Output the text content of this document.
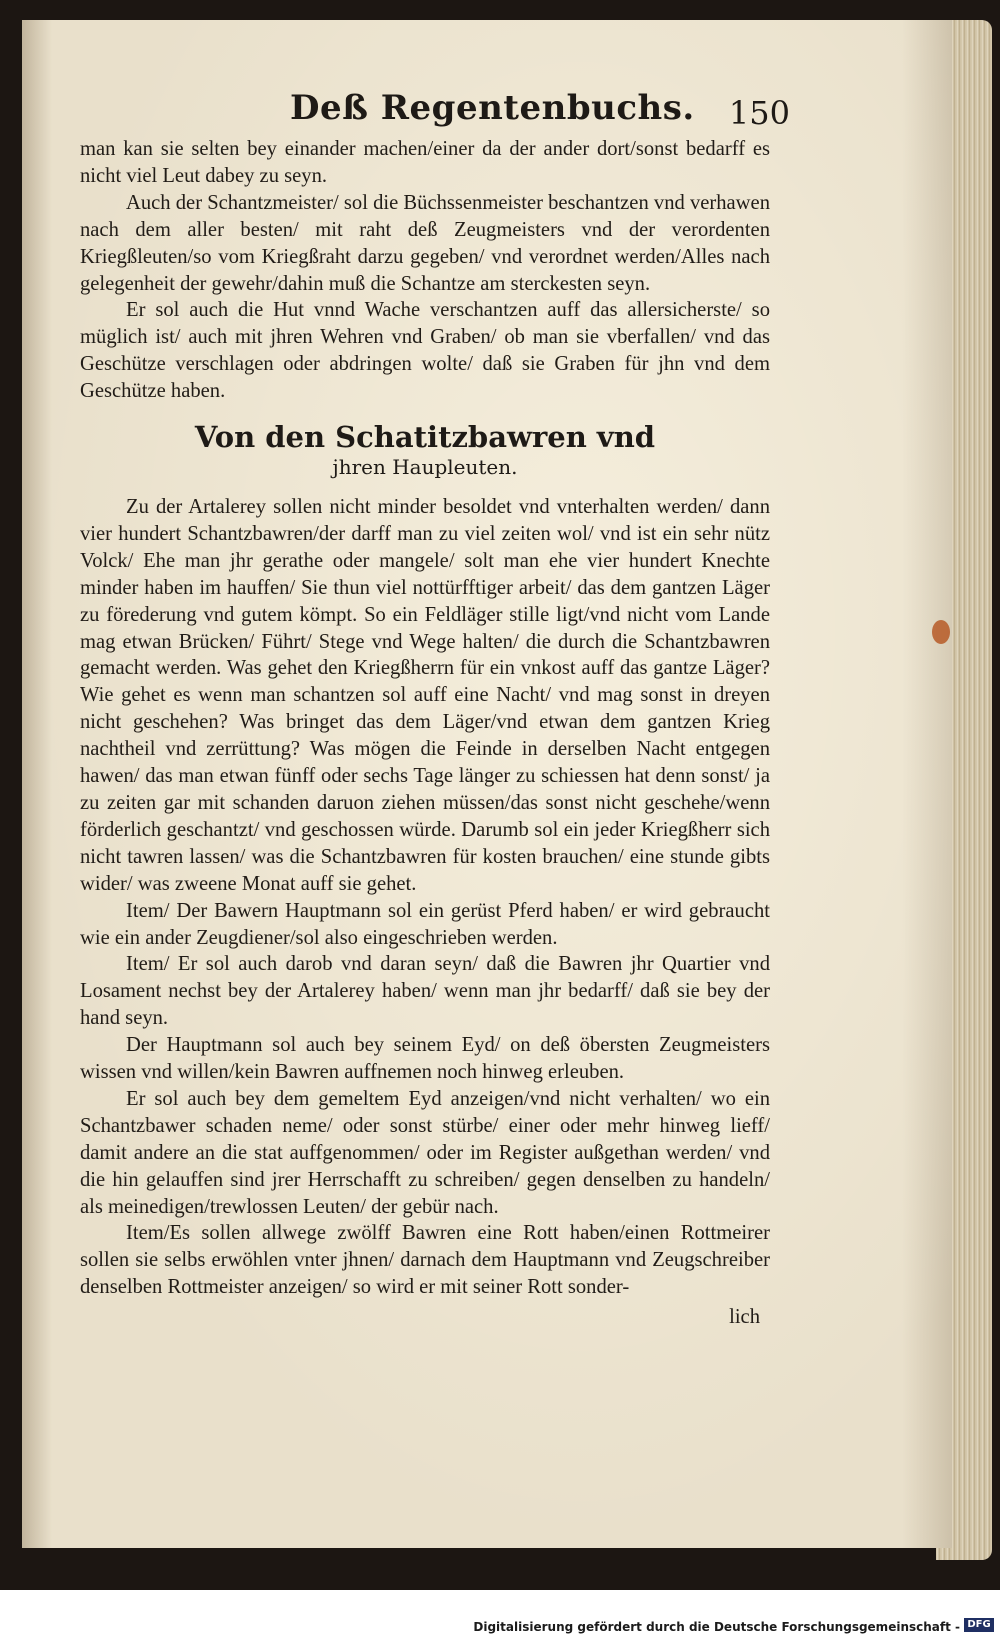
Deß Regentenbuchs.	150

man kan sie selten bey einander machen/einer da der ander dort/sonst bedarff es nicht viel Leut dabey zu seyn.

Auch der Schantzmeister/ sol die Büchssenmeister beschantzen vnd verhawen nach dem aller besten/ mit raht deß Zeugmeisters vnd der verordenten Kriegßleuten/so vom Kriegßraht darzu gegeben/ vnd verordnet werden/Alles nach gelegenheit der gewehr/dahin muß die Schantze am sterckesten seyn.

Er sol auch die Hut vnnd Wache verschantzen auff das allersicherste/ so müglich ist/ auch mit jhren Wehren vnd Graben/ ob man sie vberfallen/ vnd das Geschütze verschlagen oder abdringen wolte/ daß sie Graben für jhn vnd dem Geschütze haben.

Von den Schatitzbawren vnd
jhren Haupleuten.

Zu der Artalerey sollen nicht minder besoldet vnd vnterhalten werden/ dann vier hundert Schantzbawren/der darff man zu viel zeiten wol/ vnd ist ein sehr nütz Volck/ Ehe man jhr gerathe oder mangele/ solt man ehe vier hundert Knechte minder haben im hauffen/ Sie thun viel nottürfftiger arbeit/ das dem gantzen Läger zu förederung vnd gutem kömpt. So ein Feldläger stille ligt/vnd nicht vom Lande mag etwan Brücken/ Führt/ Stege vnd Wege halten/ die durch die Schantzbawren gemacht werden. Was gehet den Kriegßherrn für ein vnkost auff das gantze Läger? Wie gehet es wenn man schantzen sol auff eine Nacht/ vnd mag sonst in dreyen nicht geschehen? Was bringet das dem Läger/vnd etwan dem gantzen Krieg nachtheil vnd zerrüttung? Was mögen die Feinde in derselben Nacht entgegen hawen/ das man etwan fünff oder sechs Tage länger zu schiessen hat denn sonst/ ja zu zeiten gar mit schanden daruon ziehen müssen/das sonst nicht geschehe/wenn förderlich geschantzt/ vnd geschossen würde. Darumb sol ein jeder Kriegßherr sich nicht tawren lassen/ was die Schantzbawren für kosten brauchen/ eine stunde gibts wider/ was zweene Monat auff sie gehet.

Item/ Der Bawern Hauptmann sol ein gerüst Pferd haben/ er wird gebraucht wie ein ander Zeugdiener/sol also eingeschrieben werden.

Item/ Er sol auch darob vnd daran seyn/ daß die Bawren jhr Quartier vnd Losament nechst bey der Artalerey haben/ wenn man jhr bedarff/ daß sie bey der hand seyn.

Der Hauptmann sol auch bey seinem Eyd/ on deß öbersten Zeugmeisters wissen vnd willen/kein Bawren auffnemen noch hinweg erleuben.

Er sol auch bey dem gemeltem Eyd anzeigen/vnd nicht verhalten/ wo ein Schantzbawer schaden neme/ oder sonst stürbe/ einer oder mehr hinweg lieff/ damit andere an die stat auffgenommen/ oder im Register außgethan werden/ vnd die hin gelauffen sind jrer Herrschafft zu schreiben/ gegen denselben zu handeln/ als meinedigen/trewlossen Leuten/ der gebür nach.

Item/Es sollen allwege zwölff Bawren eine Rott haben/einen Rottmeirer sollen sie selbs erwöhlen vnter jhnen/ darnach dem Hauptmann vnd Zeugschreiber denselben Rottmeister anzeigen/ so wird er mit seiner Rott sonder-

lich
Digitalisierung gefördert durch die Deutsche Forschungsgemeinschaft - DFG
